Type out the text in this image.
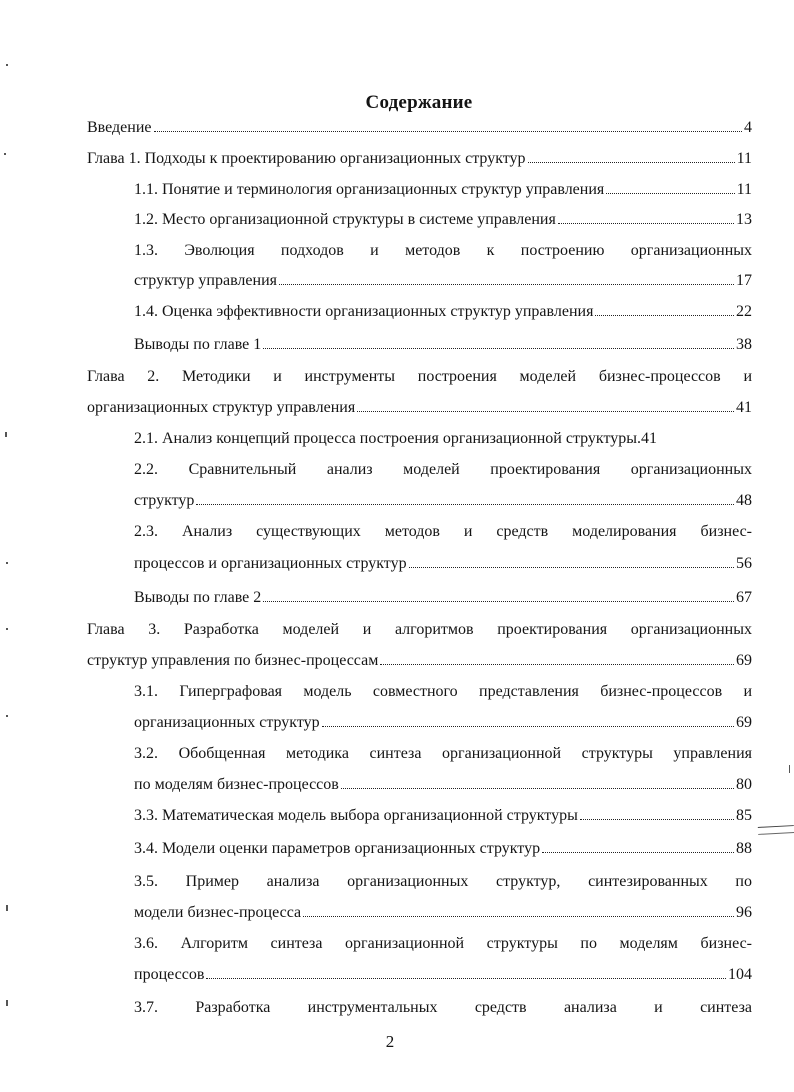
Содержание
Введение	4
Глава 1. Подходы к проектированию организационных структур	11
1.1. Понятие и терминология организационных структур управления	11
1.2. Место организационной структуры в системе управления	13
1.3. Эволюция подходов и методов к построению организационных
структур управления	17
1.4. Оценка эффективности организационных структур управления	22
Выводы по главе 1	38
Глава 2. Методики и инструменты построения моделей бизнес-процессов и
организационных структур управления	41
2.1. Анализ концепций процесса построения организационной структуры. 41
2.2. Сравнительный анализ моделей проектирования организационных
структур	48
2.3. Анализ существующих методов и средств моделирования бизнес-
процессов и организационных структур	56
Выводы по главе 2	67
Глава 3. Разработка моделей и алгоритмов проектирования организационных
структур управления по бизнес-процессам	69
3.1. Гиперграфовая модель совместного представления бизнес-процессов и
организационных структур	69
3.2. Обобщенная методика синтеза организационной структуры управления
по моделям бизнес-процессов	80
3.3. Математическая модель выбора организационной структуры	85
3.4. Модели оценки параметров организационных структур	88
3.5. Пример анализа организационных структур, синтезированных по
модели бизнес-процесса	96
3.6. Алгоритм синтеза организационной структуры по моделям бизнес-
процессов	104
3.7. Разработка инструментальных средств анализа и синтеза
2
